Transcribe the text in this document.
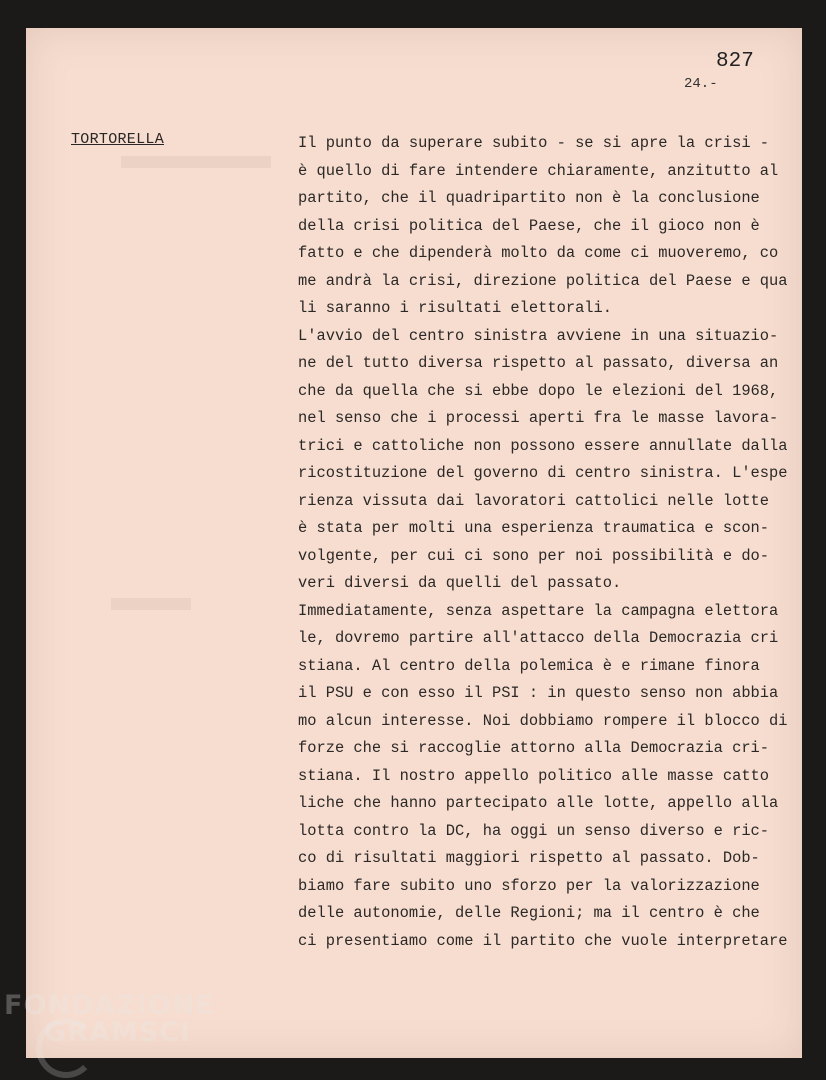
827
24.-
TORTORELLA	Il punto da superare subito - se si apre la crisi -
è quello di fare intendere chiaramente, anzitutto al
partito, che il quadripartito non è la conclusione
della crisi politica del Paese, che il gioco non è
fatto e che dipenderà molto da come ci muoveremo, co
me andrà la crisi, direzione politica del Paese e qua
li saranno i risultati elettorali.
L'avvio del centro sinistra avviene in una situazio-
ne del tutto diversa rispetto al passato, diversa an
che da quella che si ebbe dopo le elezioni del 1968,
nel senso che i processi aperti fra le masse lavora-
trici e cattoliche non possono essere annullate dalla
ricostituzione del governo di centro sinistra. L'espe
rienza vissuta dai lavoratori cattolici nelle lotte
è stata per molti una esperienza traumatica e scon-
volgente, per cui ci sono per noi possibilità e do-
veri diversi da quelli del passato.
Immediatamente, senza aspettare la campagna elettora
le, dovremo partire all'attacco della Democrazia cri
stiana. Al centro della polemica è e rimane finora
il PSU e con esso il PSI : in questo senso non abbia
mo alcun interesse. Noi dobbiamo rompere il blocco di
forze che si raccoglie attorno alla Democrazia cri-
stiana. Il nostro appello politico alle masse catto
liche che hanno partecipato alle lotte, appello alla
lotta contro la DC, ha oggi un senso diverso e ric-
co di risultati maggiori rispetto al passato. Dob-
biamo fare subito uno sforzo per la valorizzazione
delle autonomie, delle Regioni; ma il centro è che
ci presentiamo come il partito che vuole interpretare
FONDAZIONE
GRAMSCI
